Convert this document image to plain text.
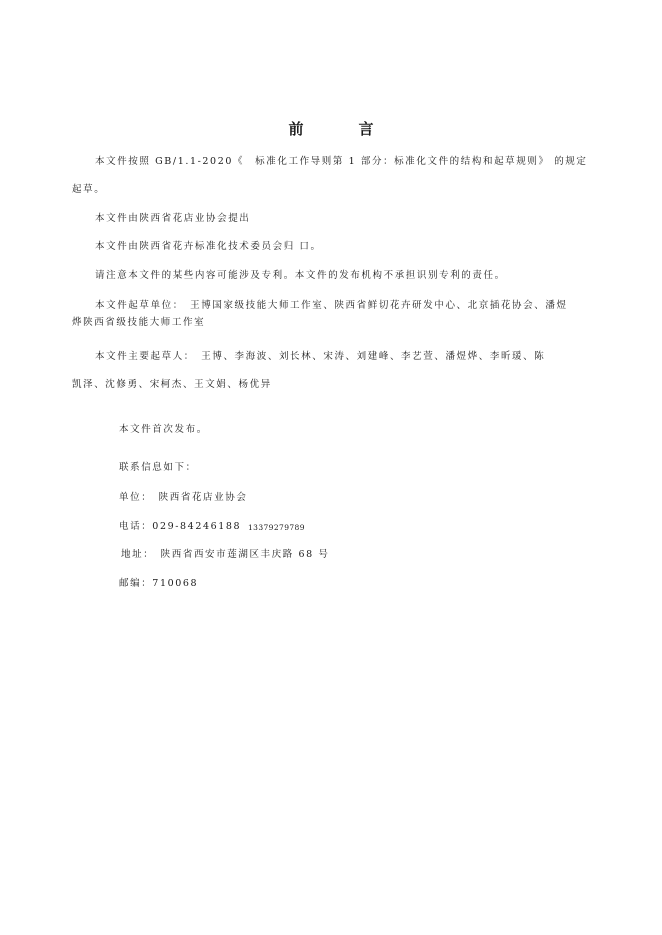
前　言
本文件按照 GB/1.1-2020《　标准化工作导则第 1 部分：标准化文件的结构和起草规则》 的规定
起草。
本文件由陕西省花店业协会提出
本文件由陕西省花卉标准化技术委员会归 口。
请注意本文件的某些内容可能涉及专利。本文件的发布机构不承担识别专利的责任。
本文件起草单位：　王博国家级技能大师工作室、陕西省鲜切花卉研发中心、北京插花协会、潘煜
烨陕西省级技能大师工作室
本文件主要起草人：　王博、李海波、刘长林、宋涛、刘建峰、李艺萱、潘煜烨、李昕瑗、陈
凯泽、沈修勇、宋柯杰、王文娟、杨优异
本文件首次发布。
联系信息如下：
单位：　陕西省花店业协会
电话：029-84246188 13379279789
地址：　陕西省西安市莲湖区丰庆路 68 号
邮编：710068
